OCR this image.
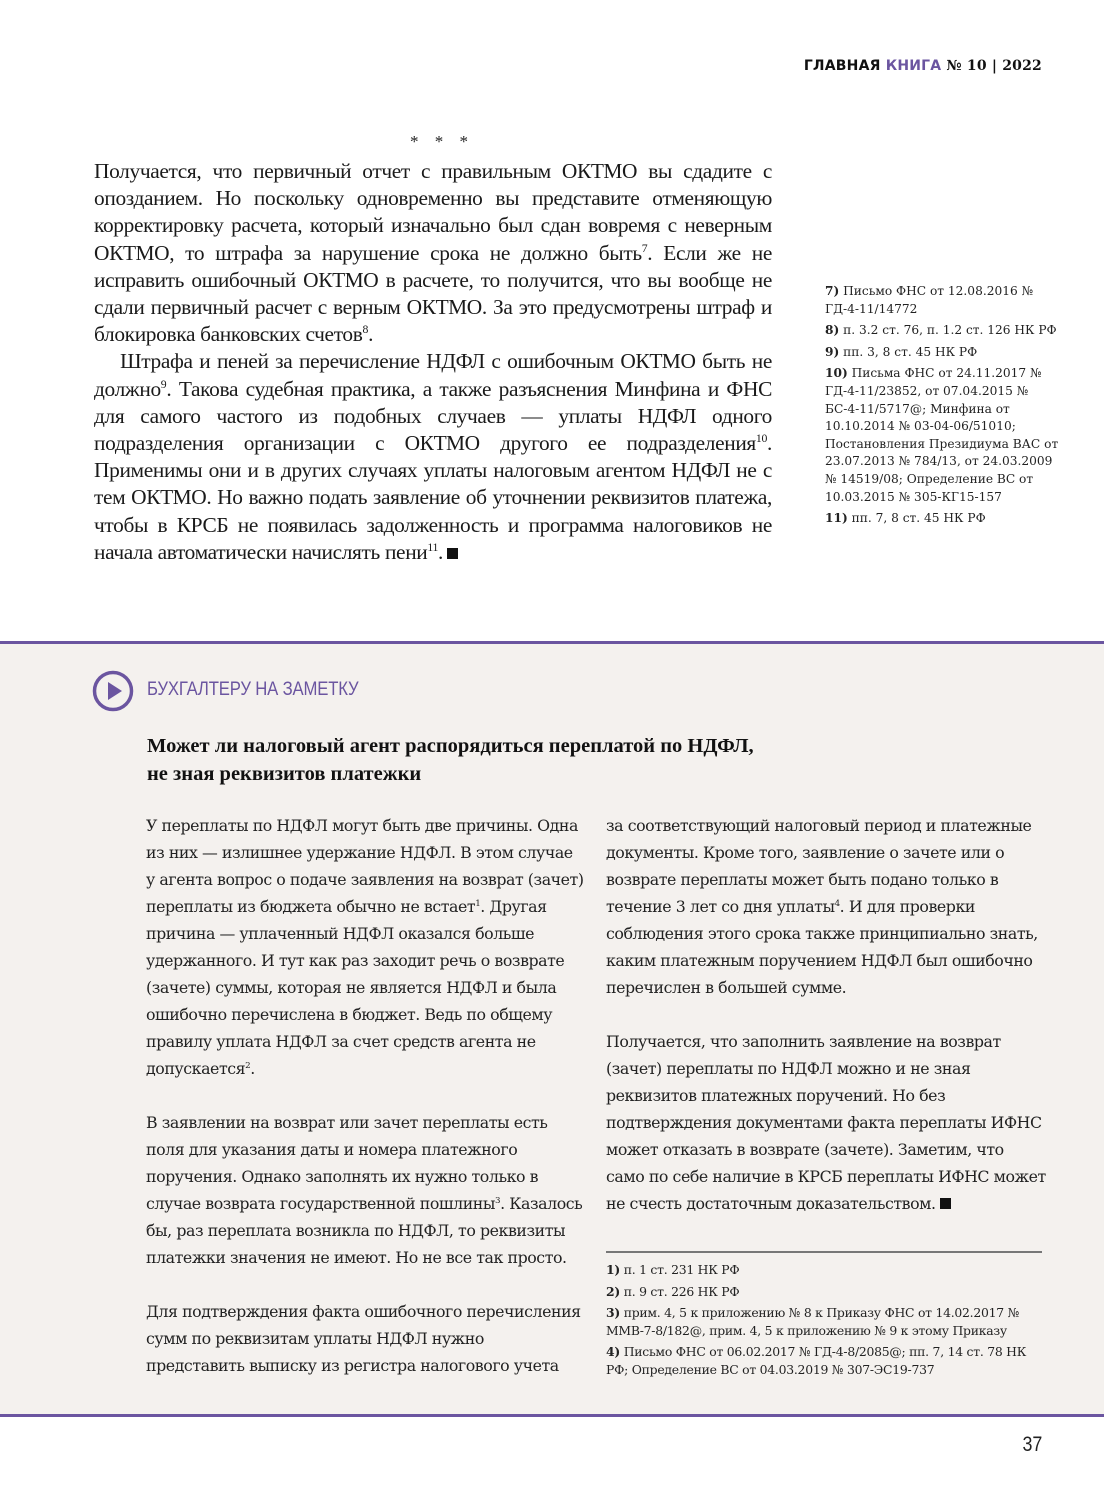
ГЛАВНАЯ КНИГА № 10 | 2022
* * *

Получается, что первичный отчет с правильным ОКТМО вы сдадите с опозданием. Но поскольку одновременно вы представите отменяющую корректировку расчета, который изначально был сдан вовремя с неверным ОКТМО, то штрафа за нарушение срока не должно быть$^7$. Если же не исправить ошибочный ОКТМО в расчете, то получится, что вы вообще не сдали первичный расчет с верным ОКТМО. За это предусмотрены штраф и блокировка банковских счетов$^8$.

Штрафа и пеней за перечисление НДФЛ с ошибочным ОКТМО быть не должно$^9$. Такова судебная практика, а также разъяснения Минфина и ФНС для самого частого из подобных случаев — уплаты НДФЛ одного подразделения организации с ОКТМО другого ее подразделения$^{10}$. Применимы они и в других случаях уплаты налоговым агентом НДФЛ не с тем ОКТМО. Но важно подать заявление об уточнении реквизитов платежа, чтобы в КРСБ не появилась задолженность и программа налоговиков не начала автоматически начислять пени$^{11}$.

7) Письмо ФНС от 12.08.2016 № ГД-4-11/14772
8) п. 3.2 ст. 76, п. 1.2 ст. 126 НК РФ
9) пп. 3, 8 ст. 45 НК РФ
10) Письма ФНС от 24.11.2017 № ГД-4-11/23852, от 07.04.2015 № БС-4-11/5717@; Минфина от 10.10.2014 № 03-04-06/51010; Постановления Президиума ВАС от 23.07.2013 № 784/13, от 24.03.2009 № 14519/08; Определение ВС от 10.03.2015 № 305-КГ15-157
11) пп. 7, 8 ст. 45 НК РФ
БУХГАЛТЕРУ НА ЗАМЕТКУ
Может ли налоговый агент распорядиться переплатой по НДФЛ,
не зная реквизитов платежки

У переплаты по НДФЛ могут быть две причины. Одна из них — излишнее удержание НДФЛ. В этом случае у агента вопрос о подаче заявления на возврат (зачет) переплаты из бюджета обычно не встает$^1$. Другая причина — уплаченный НДФЛ оказался больше удержанного. И тут как раз заходит речь о возврате (зачете) суммы, которая не является НДФЛ и была ошибочно перечислена в бюджет. Ведь по общему правилу уплата НДФЛ за счет средств агента не допускается$^2$.

В заявлении на возврат или зачет переплаты есть поля для указания даты и номера платежного поручения. Однако заполнять их нужно только в случае возврата государственной пошлины$^3$. Казалось бы, раз переплата возникла по НДФЛ, то реквизиты платежки значения не имеют. Но не все так просто.

Для подтверждения факта ошибочного перечисления сумм по реквизитам уплаты НДФЛ нужно представить выписку из регистра налогового учета

за соответствующий налоговый период и платежные документы. Кроме того, заявление о зачете или о возврате переплаты может быть подано только в течение 3 лет со дня уплаты$^4$. И для проверки соблюдения этого срока также принципиально знать, каким платежным поручением НДФЛ был ошибочно перечислен в большей сумме.

Получается, что заполнить заявление на возврат (зачет) переплаты по НДФЛ можно и не зная реквизитов платежных поручений. Но без подтверждения документами факта переплаты ИФНС может отказать в возврате (зачете). Заметим, что само по себе наличие в КРСБ переплаты ИФНС может не счесть достаточным доказательством.

1) п. 1 ст. 231 НК РФ
2) п. 9 ст. 226 НК РФ
3) прим. 4, 5 к приложению № 8 к Приказу ФНС от 14.02.2017 № ММВ-7-8/182@, прим. 4, 5 к приложению № 9 к этому Приказу
4) Письмо ФНС от 06.02.2017 № ГД-4-8/2085@; пп. 7, 14 ст. 78 НК РФ; Определение ВС от 04.03.2019 № 307-ЭС19-737
37
